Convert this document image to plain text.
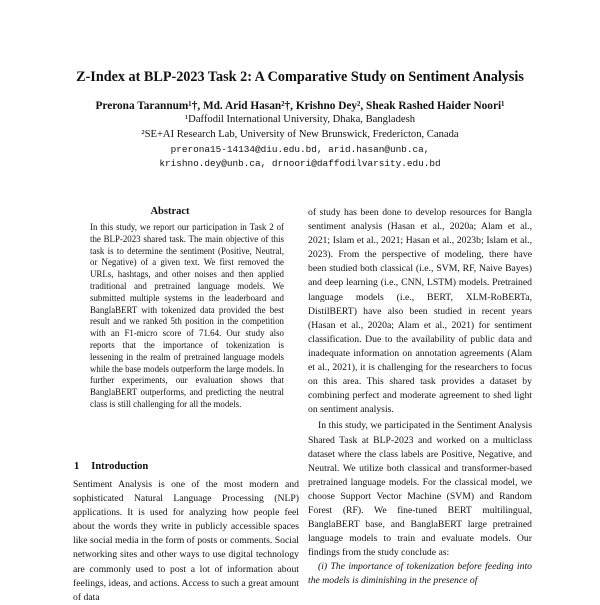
Z-Index at BLP-2023 Task 2: A Comparative Study on Sentiment Analysis
Prerona Tarannum¹†, Md. Arid Hasan²†, Krishno Dey², Sheak Rashed Haider Noori¹
¹Daffodil International University, Dhaka, Bangladesh
²SE+AI Research Lab, University of New Brunswick, Fredericton, Canada
prerona15-14134@diu.edu.bd, arid.hasan@unb.ca,
krishno.dey@unb.ca, drnoori@daffodilvarsity.edu.bd
Abstract
In this study, we report our participation in Task 2 of the BLP-2023 shared task. The main objective of this task is to determine the sentiment (Positive, Neutral, or Negative) of a given text. We first removed the URLs, hashtags, and other noises and then applied traditional and pretrained language models. We submitted multiple systems in the leaderboard and BanglaBERT with tokenized data provided the best result and we ranked 5th position in the competition with an F1-micro score of 71.64. Our study also reports that the importance of tokenization is lessening in the realm of pretrained language models while the base models outperform the large models. In further experiments, our evaluation shows that BanglaBERT outperforms, and predicting the neutral class is still challenging for all the models.
1 Introduction
Sentiment Analysis is one of the most modern and sophisticated Natural Language Processing (NLP) applications. It is used for analyzing how people feel about the words they write in publicly accessible spaces like social media in the form of posts or comments. Social networking sites and other ways to use digital technology are commonly used to post a lot of information about feelings, ideas, and actions. Access to such a great amount of data

of study has been done to develop resources for Bangla sentiment analysis (Hasan et al., 2020a; Alam et al., 2021; Islam et al., 2021; Hasan et al., 2023b; Islam et al., 2023). From the perspective of modeling, there have been studied both classical (i.e., SVM, RF, Naive Bayes) and deep learning (i.e., CNN, LSTM) models. Pretrained language models (i.e., BERT, XLM-RoBERTa, DistilBERT) have also been studied in recent years (Hasan et al., 2020a; Alam et al., 2021) for sentiment classification. Due to the availability of public data and inadequate information on annotation agreements (Alam et al., 2021), it is challenging for the researchers to focus on this area. This shared task provides a dataset by combining perfect and moderate agreement to shed light on sentiment analysis.

In this study, we participated in the Sentiment Analysis Shared Task at BLP-2023 and worked on a multiclass dataset where the class labels are Positive, Negative, and Neutral. We utilize both classical and transformer-based pretrained language models. For the classical model, we choose Support Vector Machine (SVM) and Random Forest (RF). We fine-tuned BERT multilingual, BanglaBERT base, and BanglaBERT large pretrained language models to train and evaluate models. Our findings from the study conclude as:

(i) The importance of tokenization before feeding into the models is diminishing in the presence of
